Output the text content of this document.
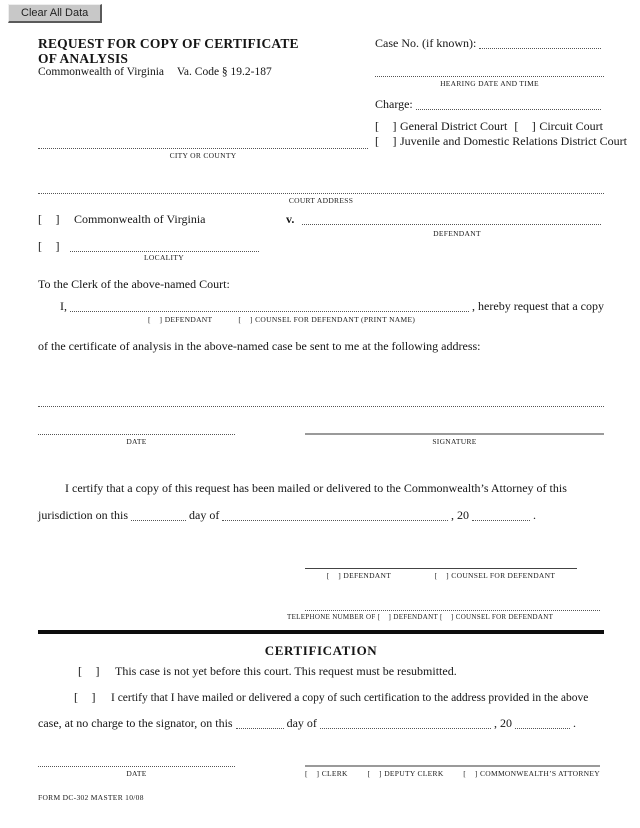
Clear All Data
REQUEST FOR COPY OF CERTIFICATE
OF ANALYSIS
Commonwealth of Virginia Va. Code § 19.2-187
Case No. (if known):
HEARING DATE AND TIME
Charge:
[  ] General District Court [  ] Circuit Court
[  ] Juvenile and Domestic Relations District Court
CITY OR COUNTY
COURT ADDRESS
[  ] Commonwealth of Virginia	v.
DEFENDANT
[  ]
LOCALITY
To the Clerk of the above-named Court:
I,	, hereby request that a copy
[  ] DEFENDANT	[  ] COUNSEL FOR DEFENDANT (PRINT NAME)
of the certificate of analysis in the above-named case be sent to me at the following address:
DATE	SIGNATURE
I certify that a copy of this request has been mailed or delivered to the Commonwealth’s Attorney of this
jurisdiction on this	day of	, 20	.
[  ] DEFENDANT	[  ] COUNSEL FOR DEFENDANT
TELEPHONE NUMBER OF [  ] DEFENDANT [  ] COUNSEL FOR DEFENDANT
CERTIFICATION
[  ] This case is not yet before this court. This request must be resubmitted.
[  ] I certify that I have mailed or delivered a copy of such certification to the address provided in the above
case, at no charge to the signator, on this	day of	, 20	.
DATE	[  ] CLERK	[  ] DEPUTY CLERK	[  ] COMMONWEALTH’S ATTORNEY
FORM DC-302 MASTER 10/08
